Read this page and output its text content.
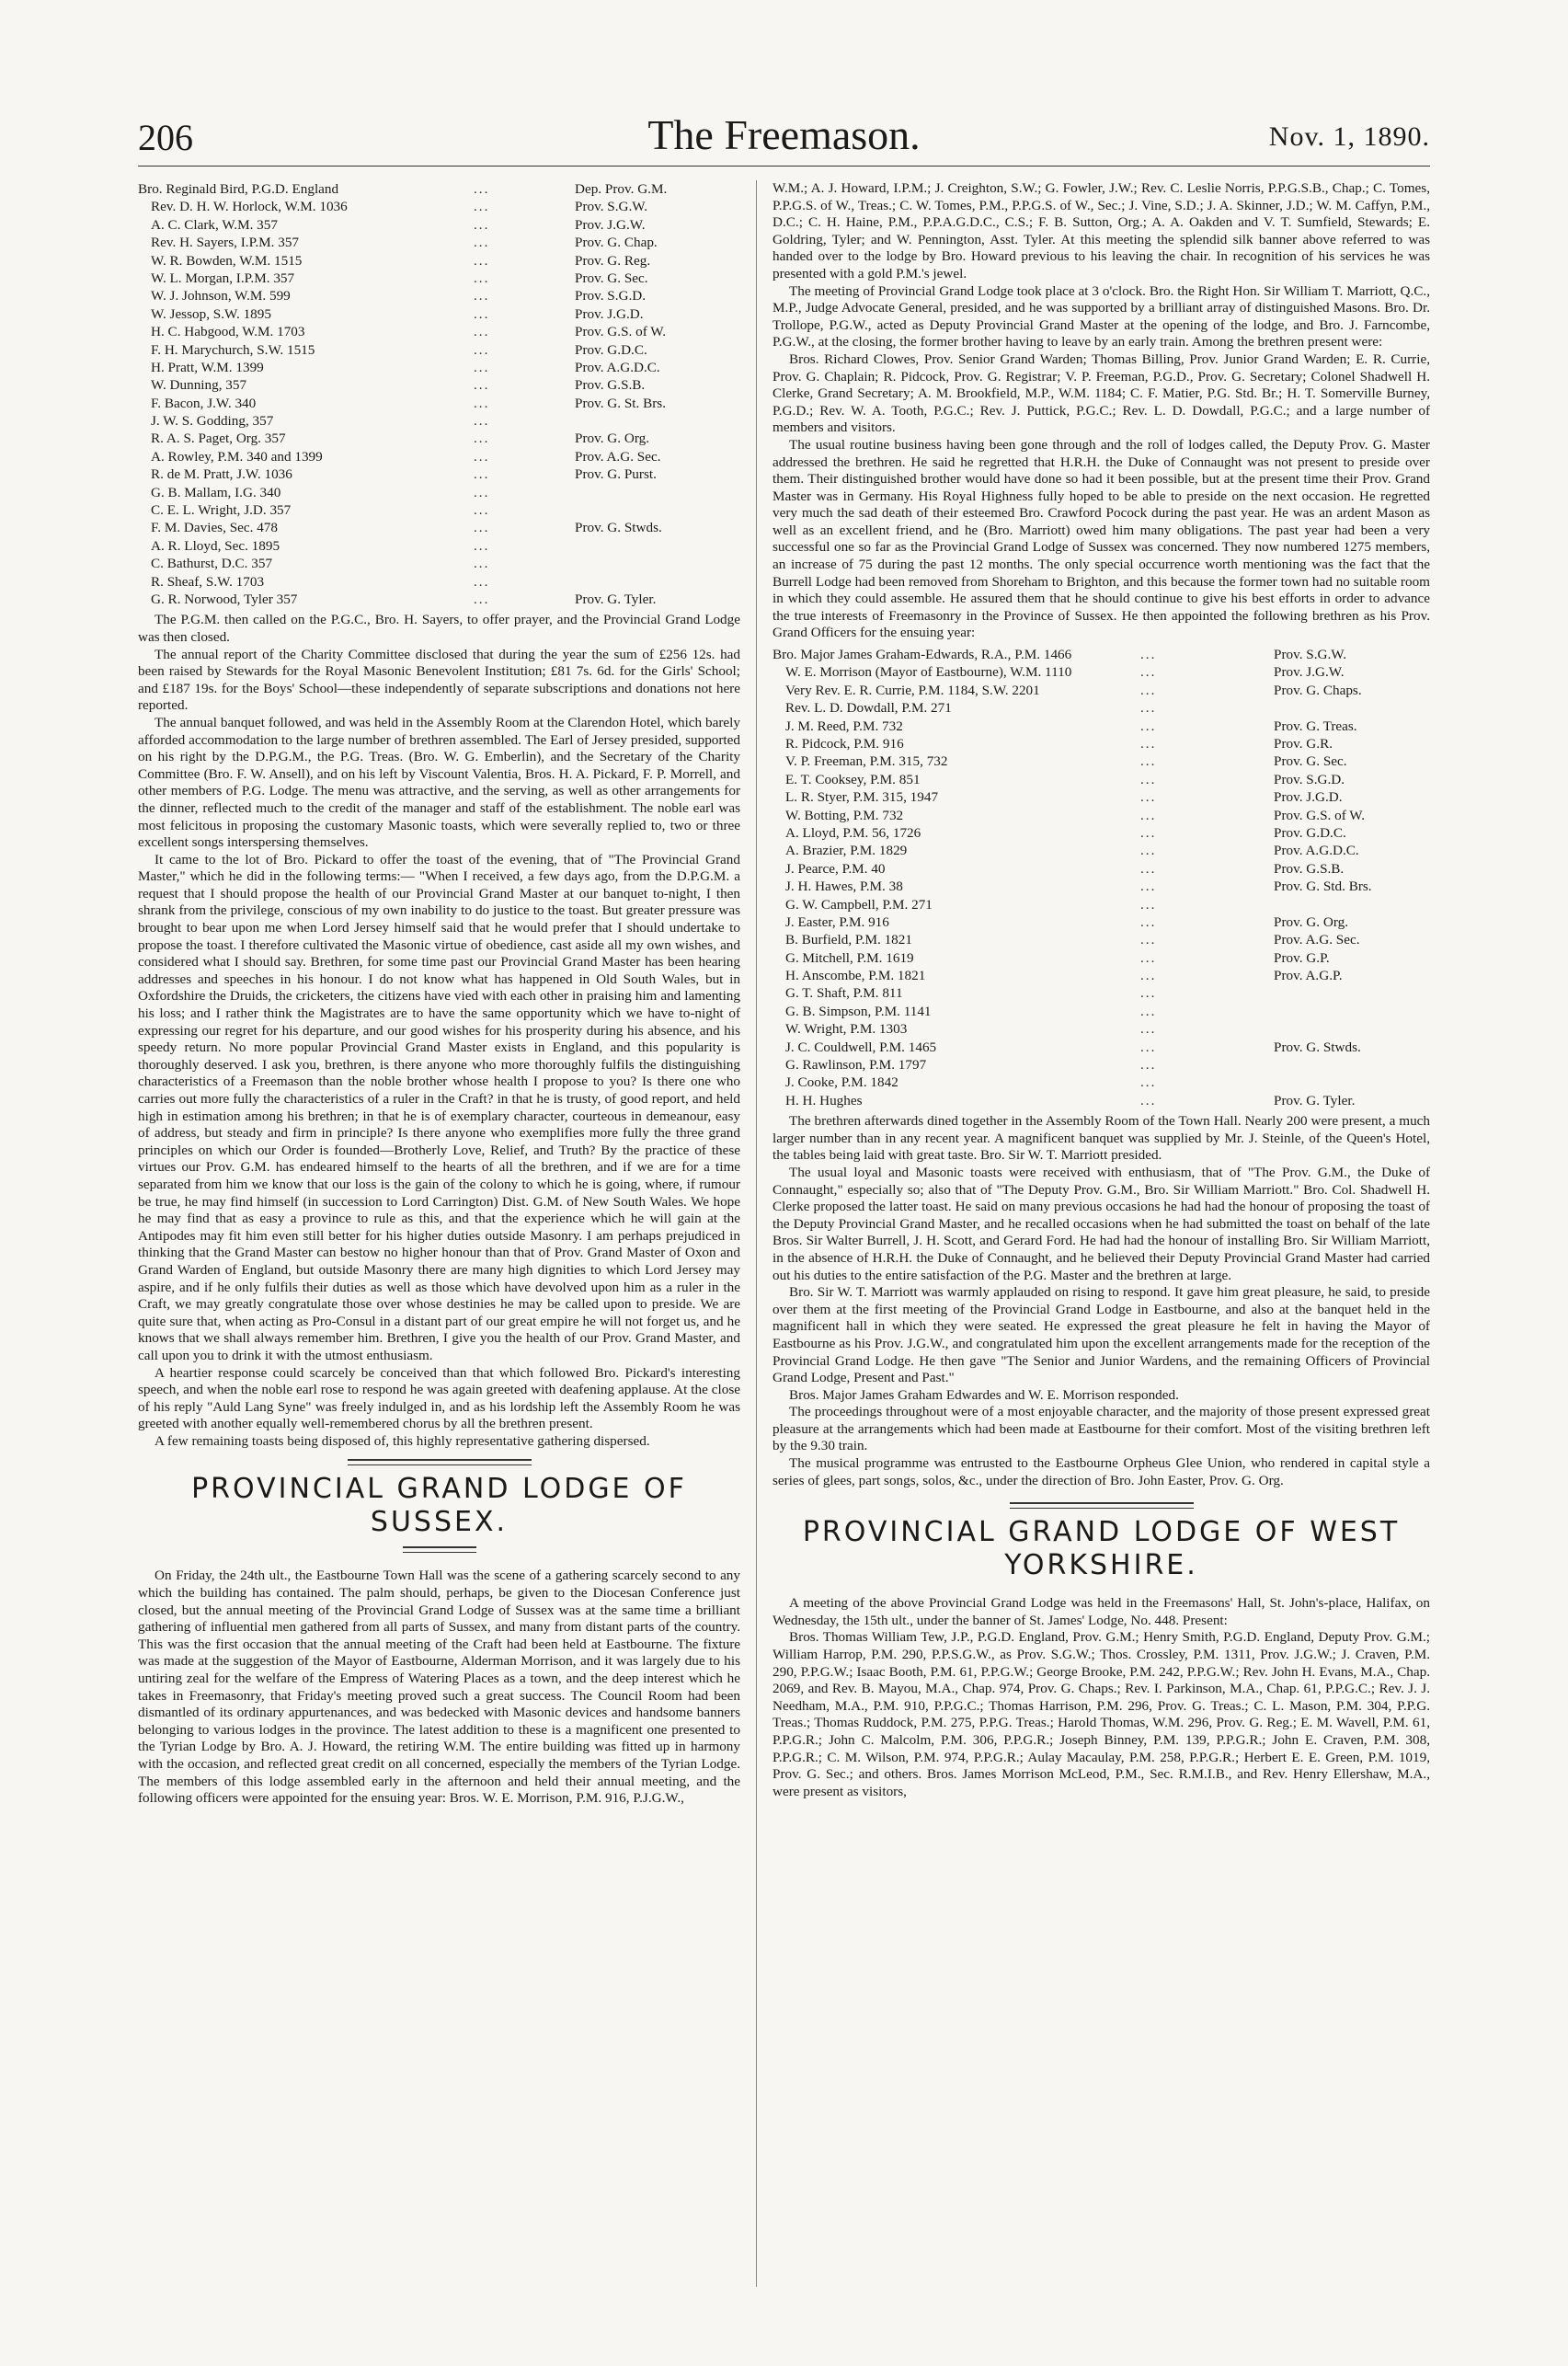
206	The Freemason.	Nov. 1, 1890.
Bro. Reginald Bird, P.G.D. England	...	Dep. Prov. G.M.
Rev. D. H. W. Horlock, W.M. 1036	...	Prov. S.G.W.
A. C. Clark, W.M. 357	...	Prov. J.G.W.
Rev. H. Sayers, I.P.M. 357	...	Prov. G. Chap.
W. R. Bowden, W.M. 1515	...	Prov. G. Reg.
W. L. Morgan, I.P.M. 357	...	Prov. G. Sec.
W. J. Johnson, W.M. 599	...	Prov. S.G.D.
W. Jessop, S.W. 1895	...	Prov. J.G.D.
H. C. Habgood, W.M. 1703	...	Prov. G.S. of W.
F. H. Marychurch, S.W. 1515	...	Prov. G.D.C.
H. Pratt, W.M. 1399	...	Prov. A.G.D.C.
W. Dunning, 357	...	Prov. G.S.B.
F. Bacon, J.W. 340	...	Prov. G. St. Brs.
J. W. S. Godding, 357	...
R. A. S. Paget, Org. 357	...	Prov. G. Org.
A. Rowley, P.M. 340 and 1399	...	Prov. A.G. Sec.
R. de M. Pratt, J.W. 1036	...	Prov. G. Purst.
G. B. Mallam, I.G. 340	...
C. E. L. Wright, J.D. 357	...
F. M. Davies, Sec. 478	...	Prov. G. Stwds.
A. R. Lloyd, Sec. 1895	...
C. Bathurst, D.C. 357	...
R. Sheaf, S.W. 1703	...
G. R. Norwood, Tyler 357	...	Prov. G. Tyler.

The P.G.M. then called on the P.G.C., Bro. H. Sayers, to offer prayer, and the Provincial Grand Lodge was then closed.

The annual report of the Charity Committee disclosed that during the year the sum of £256 12s. had been raised by Stewards for the Royal Masonic Benevolent Institution; £81 7s. 6d. for the Girls' School; and £187 19s. for the Boys' School—these independently of separate subscriptions and donations not here reported.

The annual banquet followed, and was held in the Assembly Room at the Clarendon Hotel, which barely afforded accommodation to the large number of brethren assembled. The Earl of Jersey presided, supported on his right by the D.P.G.M., the P.G. Treas. (Bro. W. G. Emberlin), and the Secretary of the Charity Committee (Bro. F. W. Ansell), and on his left by Viscount Valentia, Bros. H. A. Pickard, F. P. Morrell, and other members of P.G. Lodge. The menu was attractive, and the serving, as well as other arrangements for the dinner, reflected much to the credit of the manager and staff of the establishment. The noble earl was most felicitous in proposing the customary Masonic toasts, which were severally replied to, two or three excellent songs interspersing themselves.

It came to the lot of Bro. Pickard to offer the toast of the evening, that of "The Provincial Grand Master," which he did in the following terms:— "When I received, a few days ago, from the D.P.G.M. a request that I should propose the health of our Provincial Grand Master at our banquet to-night, I then shrank from the privilege, conscious of my own inability to do justice to the toast. But greater pressure was brought to bear upon me when Lord Jersey himself said that he would prefer that I should undertake to propose the toast. I therefore cultivated the Masonic virtue of obedience, cast aside all my own wishes, and considered what I should say. Brethren, for some time past our Provincial Grand Master has been hearing addresses and speeches in his honour. I do not know what has happened in Old South Wales, but in Oxfordshire the Druids, the cricketers, the citizens have vied with each other in praising him and lamenting his loss; and I rather think the Magistrates are to have the same opportunity which we have to-night of expressing our regret for his departure, and our good wishes for his prosperity during his absence, and his speedy return. No more popular Provincial Grand Master exists in England, and this popularity is thoroughly deserved. I ask you, brethren, is there anyone who more thoroughly fulfils the distinguishing characteristics of a Freemason than the noble brother whose health I propose to you? Is there one who carries out more fully the characteristics of a ruler in the Craft? in that he is trusty, of good report, and held high in estimation among his brethren; in that he is of exemplary character, courteous in demeanour, easy of address, but steady and firm in principle? Is there anyone who exemplifies more fully the three grand principles on which our Order is founded—Brotherly Love, Relief, and Truth? By the practice of these virtues our Prov. G.M. has endeared himself to the hearts of all the brethren, and if we are for a time separated from him we know that our loss is the gain of the colony to which he is going, where, if rumour be true, he may find himself (in succession to Lord Carrington) Dist. G.M. of New South Wales. We hope he may find that as easy a province to rule as this, and that the experience which he will gain at the Antipodes may fit him even still better for his higher duties outside Masonry. I am perhaps prejudiced in thinking that the Grand Master can bestow no higher honour than that of Prov. Grand Master of Oxon and Grand Warden of England, but outside Masonry there are many high dignities to which Lord Jersey may aspire, and if he only fulfils their duties as well as those which have devolved upon him as a ruler in the Craft, we may greatly congratulate those over whose destinies he may be called upon to preside. We are quite sure that, when acting as Pro-Consul in a distant part of our great empire he will not forget us, and he knows that we shall always remember him. Brethren, I give you the health of our Prov. Grand Master, and call upon you to drink it with the utmost enthusiasm.

A heartier response could scarcely be conceived than that which followed Bro. Pickard's interesting speech, and when the noble earl rose to respond he was again greeted with deafening applause. At the close of his reply "Auld Lang Syne" was freely indulged in, and as his lordship left the Assembly Room he was greeted with another equally well-remembered chorus by all the brethren present.

A few remaining toasts being disposed of, this highly representative gathering dispersed.

PROVINCIAL GRAND LODGE OF SUSSEX.

On Friday, the 24th ult., the Eastbourne Town Hall was the scene of a gathering scarcely second to any which the building has contained. The palm should, perhaps, be given to the Diocesan Conference just closed, but the annual meeting of the Provincial Grand Lodge of Sussex was at the same time a brilliant gathering of influential men gathered from all parts of Sussex, and many from distant parts of the country. This was the first occasion that the annual meeting of the Craft had been held at Eastbourne. The fixture was made at the suggestion of the Mayor of Eastbourne, Alderman Morrison, and it was largely due to his untiring zeal for the welfare of the Empress of Watering Places as a town, and the deep interest which he takes in Freemasonry, that Friday's meeting proved such a great success. The Council Room had been dismantled of its ordinary appurtenances, and was bedecked with Masonic devices and handsome banners belonging to various lodges in the province. The latest addition to these is a magnificent one presented to the Tyrian Lodge by Bro. A. J. Howard, the retiring W.M. The entire building was fitted up in harmony with the occasion, and reflected great credit on all concerned, especially the members of the Tyrian Lodge. The members of this lodge assembled early in the afternoon and held their annual meeting, and the following officers were appointed for the ensuing year: Bros. W. E. Morrison, P.M. 916, P.J.G.W.,

W.M.; A. J. Howard, I.P.M.; J. Creighton, S.W.; G. Fowler, J.W.; Rev. C. Leslie Norris, P.P.G.S.B., Chap.; C. Tomes, P.P.G.S. of W., Treas.; C. W. Tomes, P.M., P.P.G.S. of W., Sec.; J. Vine, S.D.; J. A. Skinner, J.D.; W. M. Caffyn, P.M., D.C.; C. H. Haine, P.M., P.P.A.G.D.C., C.S.; F. B. Sutton, Org.; A. A. Oakden and V. T. Sumfield, Stewards; E. Goldring, Tyler; and W. Pennington, Asst. Tyler. At this meeting the splendid silk banner above referred to was handed over to the lodge by Bro. Howard previous to his leaving the chair. In recognition of his services he was presented with a gold P.M.'s jewel.

The meeting of Provincial Grand Lodge took place at 3 o'clock. Bro. the Right Hon. Sir William T. Marriott, Q.C., M.P., Judge Advocate General, presided, and he was supported by a brilliant array of distinguished Masons. Bro. Dr. Trollope, P.G.W., acted as Deputy Provincial Grand Master at the opening of the lodge, and Bro. J. Farncombe, P.G.W., at the closing, the former brother having to leave by an early train. Among the brethren present were:

Bros. Richard Clowes, Prov. Senior Grand Warden; Thomas Billing, Prov. Junior Grand Warden; E. R. Currie, Prov. G. Chaplain; R. Pidcock, Prov. G. Registrar; V. P. Freeman, P.G.D., Prov. G. Secretary; Colonel Shadwell H. Clerke, Grand Secretary; A. M. Brookfield, M.P., W.M. 1184; C. F. Matier, P.G. Std. Br.; H. T. Somerville Burney, P.G.D.; Rev. W. A. Tooth, P.G.C.; Rev. J. Puttick, P.G.C.; Rev. L. D. Dowdall, P.G.C.; and a large number of members and visitors.

The usual routine business having been gone through and the roll of lodges called, the Deputy Prov. G. Master addressed the brethren. He said he regretted that H.R.H. the Duke of Connaught was not present to preside over them. Their distinguished brother would have done so had it been possible, but at the present time their Prov. Grand Master was in Germany. His Royal Highness fully hoped to be able to preside on the next occasion. He regretted very much the sad death of their esteemed Bro. Crawford Pocock during the past year. He was an ardent Mason as well as an excellent friend, and he (Bro. Marriott) owed him many obligations. The past year had been a very successful one so far as the Provincial Grand Lodge of Sussex was concerned. They now numbered 1275 members, an increase of 75 during the past 12 months. The only special occurrence worth mentioning was the fact that the Burrell Lodge had been removed from Shoreham to Brighton, and this because the former town had no suitable room in which they could assemble. He assured them that he should continue to give his best efforts in order to advance the true interests of Freemasonry in the Province of Sussex. He then appointed the following brethren as his Prov. Grand Officers for the ensuing year:

Bro. Major James Graham-Edwards, R.A., P.M. 1466	...	Prov. S.G.W.
W. E. Morrison (Mayor of Eastbourne), W.M. 1110	...	Prov. J.G.W.
Very Rev. E. R. Currie, P.M. 1184, S.W. 2201	...	Prov. G. Chaps.
Rev. L. D. Dowdall, P.M. 271	...
J. M. Reed, P.M. 732	...	Prov. G. Treas.
R. Pidcock, P.M. 916	...	Prov. G.R.
V. P. Freeman, P.M. 315, 732	...	Prov. G. Sec.
E. T. Cooksey, P.M. 851	...	Prov. S.G.D.
L. R. Styer, P.M. 315, 1947	...	Prov. J.G.D.
W. Botting, P.M. 732	...	Prov. G.S. of W.
A. Lloyd, P.M. 56, 1726	...	Prov. G.D.C.
A. Brazier, P.M. 1829	...	Prov. A.G.D.C.
J. Pearce, P.M. 40	...	Prov. G.S.B.
J. H. Hawes, P.M. 38	...	Prov. G. Std. Brs.
G. W. Campbell, P.M. 271	...
J. Easter, P.M. 916	...	Prov. G. Org.
B. Burfield, P.M. 1821	...	Prov. A.G. Sec.
G. Mitchell, P.M. 1619	...	Prov. G.P.
H. Anscombe, P.M. 1821	...	Prov. A.G.P.
G. T. Shaft, P.M. 811	...
G. B. Simpson, P.M. 1141	...
W. Wright, P.M. 1303	...
J. C. Couldwell, P.M. 1465	...	Prov. G. Stwds.
G. Rawlinson, P.M. 1797	...
J. Cooke, P.M. 1842	...
H. H. Hughes	...	Prov. G. Tyler.

The brethren afterwards dined together in the Assembly Room of the Town Hall. Nearly 200 were present, a much larger number than in any recent year. A magnificent banquet was supplied by Mr. J. Steinle, of the Queen's Hotel, the tables being laid with great taste. Bro. Sir W. T. Marriott presided.

The usual loyal and Masonic toasts were received with enthusiasm, that of "The Prov. G.M., the Duke of Connaught," especially so; also that of "The Deputy Prov. G.M., Bro. Sir William Marriott." Bro. Col. Shadwell H. Clerke proposed the latter toast. He said on many previous occasions he had had the honour of proposing the toast of the Deputy Provincial Grand Master, and he recalled occasions when he had submitted the toast on behalf of the late Bros. Sir Walter Burrell, J. H. Scott, and Gerard Ford. He had had the honour of installing Bro. Sir William Marriott, in the absence of H.R.H. the Duke of Connaught, and he believed their Deputy Provincial Grand Master had carried out his duties to the entire satisfaction of the P.G. Master and the brethren at large.

Bro. Sir W. T. Marriott was warmly applauded on rising to respond. It gave him great pleasure, he said, to preside over them at the first meeting of the Provincial Grand Lodge in Eastbourne, and also at the banquet held in the magnificent hall in which they were seated. He expressed the great pleasure he felt in having the Mayor of Eastbourne as his Prov. J.G.W., and congratulated him upon the excellent arrangements made for the reception of the Provincial Grand Lodge. He then gave "The Senior and Junior Wardens, and the remaining Officers of Provincial Grand Lodge, Present and Past."

Bros. Major James Graham Edwardes and W. E. Morrison responded.

The proceedings throughout were of a most enjoyable character, and the majority of those present expressed great pleasure at the arrangements which had been made at Eastbourne for their comfort. Most of the visiting brethren left by the 9.30 train.

The musical programme was entrusted to the Eastbourne Orpheus Glee Union, who rendered in capital style a series of glees, part songs, solos, &c., under the direction of Bro. John Easter, Prov. G. Org.

PROVINCIAL GRAND LODGE OF WEST YORKSHIRE.

A meeting of the above Provincial Grand Lodge was held in the Freemasons' Hall, St. John's-place, Halifax, on Wednesday, the 15th ult., under the banner of St. James' Lodge, No. 448. Present:

Bros. Thomas William Tew, J.P., P.G.D. England, Prov. G.M.; Henry Smith, P.G.D. England, Deputy Prov. G.M.; William Harrop, P.M. 290, P.P.S.G.W., as Prov. S.G.W.; Thos. Crossley, P.M. 1311, Prov. J.G.W.; J. Craven, P.M. 290, P.P.G.W.; Isaac Booth, P.M. 61, P.P.G.W.; George Brooke, P.M. 242, P.P.G.W.; Rev. John H. Evans, M.A., Chap. 2069, and Rev. B. Mayou, M.A., Chap. 974, Prov. G. Chaps.; Rev. I. Parkinson, M.A., Chap. 61, P.P.G.C.; Rev. J. J. Needham, M.A., P.M. 910, P.P.G.C.; Thomas Harrison, P.M. 296, Prov. G. Treas.; C. L. Mason, P.M. 304, P.P.G. Treas.; Thomas Ruddock, P.M. 275, P.P.G. Treas.; Harold Thomas, W.M. 296, Prov. G. Reg.; E. M. Wavell, P.M. 61, P.P.G.R.; John C. Malcolm, P.M. 306, P.P.G.R.; Joseph Binney, P.M. 139, P.P.G.R.; John E. Craven, P.M. 308, P.P.G.R.; C. M. Wilson, P.M. 974, P.P.G.R.; Aulay Macaulay, P.M. 258, P.P.G.R.; Herbert E. E. Green, P.M. 1019, Prov. G. Sec.; and others. Bros. James Morrison McLeod, P.M., Sec. R.M.I.B., and Rev. Henry Ellershaw, M.A., were present as visitors,
